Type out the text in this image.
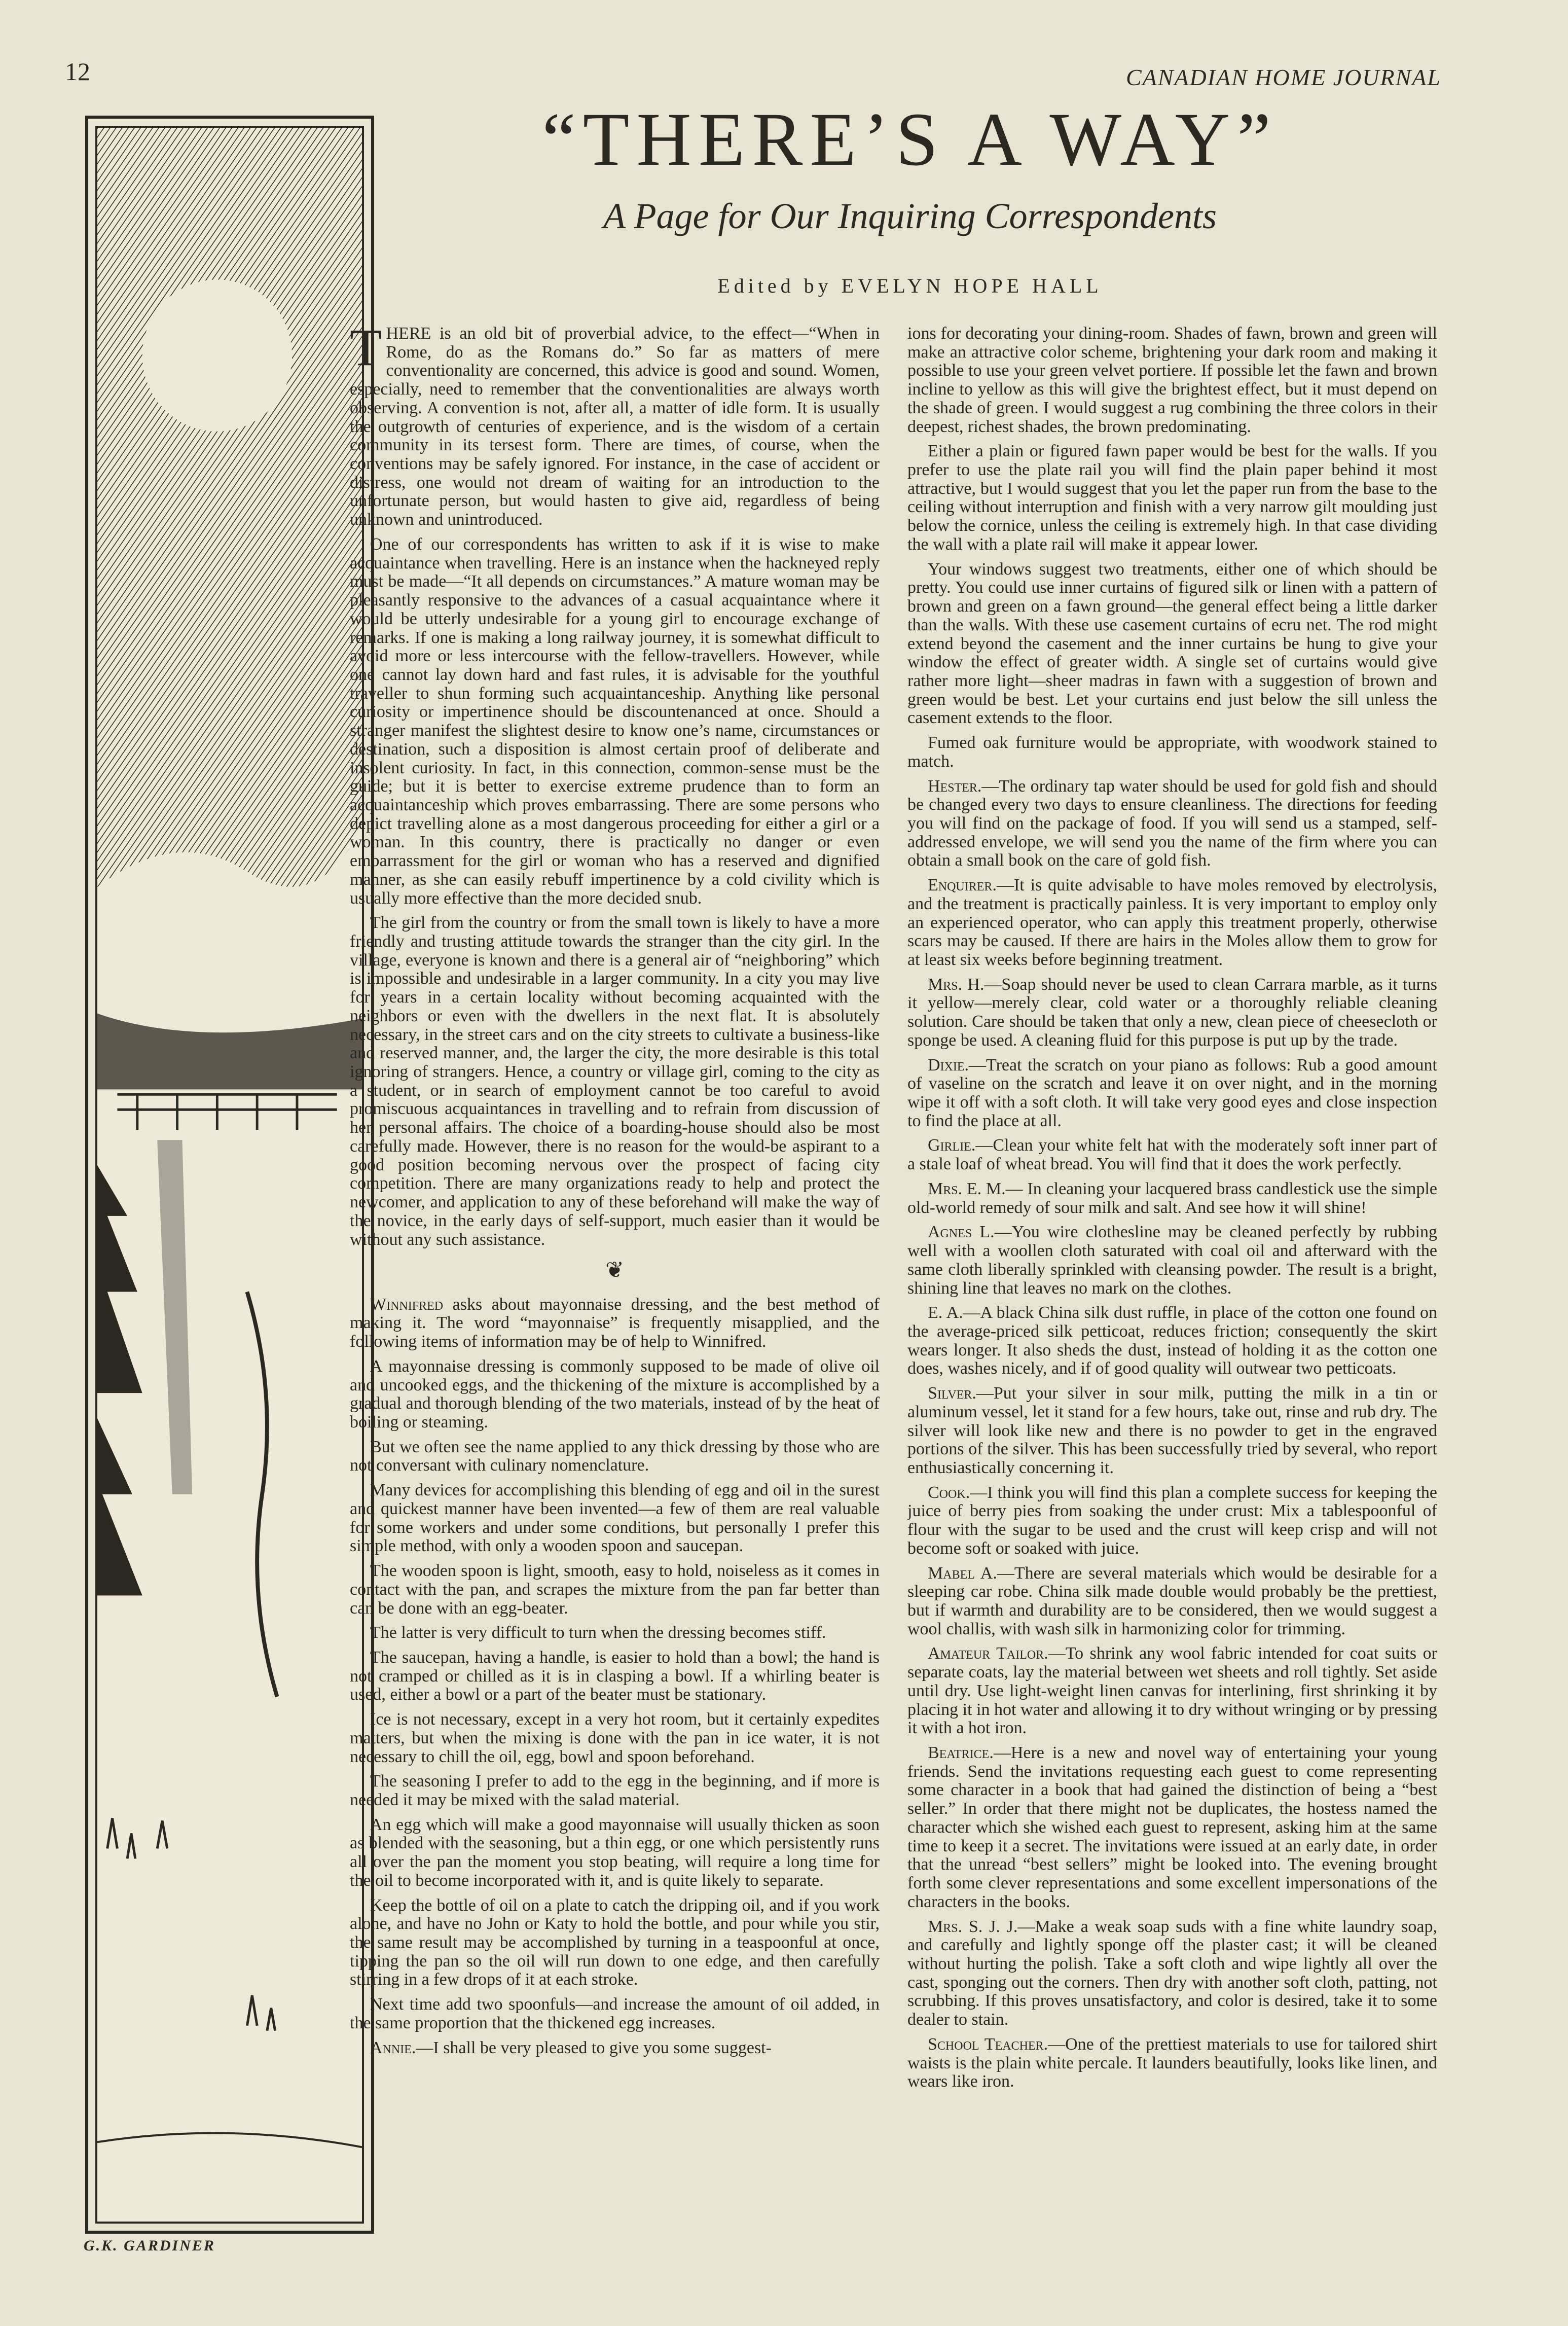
12	CANADIAN HOME JOURNAL
“THERE’S A WAY”
A Page for Our Inquiring Correspondents
Edited by EVELYN HOPE HALL
G.K. GARDINER

THERE is an old bit of proverbial advice, to the effect—“When in Rome, do as the Romans do.” So far as matters of mere conventionality are concerned, this advice is good and sound. Women, especially, need to remember that the conventionalities are always worth observing. A convention is not, after all, a matter of idle form. It is usually the outgrowth of centuries of experience, and is the wisdom of a certain community in its tersest form. There are times, of course, when the conventions may be safely ignored. For instance, in the case of accident or distress, one would not dream of waiting for an introduction to the unfortunate person, but would hasten to give aid, regardless of being unknown and unintroduced.

One of our correspondents has written to ask if it is wise to make acquaintance when travelling. Here is an instance when the hackneyed reply must be made—“It all depends on circumstances.” A mature woman may be pleasantly responsive to the advances of a casual acquaintance where it would be utterly undesirable for a young girl to encourage exchange of remarks. If one is making a long railway journey, it is somewhat difficult to avoid more or less intercourse with the fellow-travellers. However, while one cannot lay down hard and fast rules, it is advisable for the youthful traveller to shun forming such acquaintanceship. Anything like personal curiosity or impertinence should be discountenanced at once. Should a stranger manifest the slightest desire to know one’s name, circumstances or destination, such a disposition is almost certain proof of deliberate and insolent curiosity. In fact, in this connection, common-sense must be the guide; but it is better to exercise extreme prudence than to form an acquaintanceship which proves embarrassing. There are some persons who depict travelling alone as a most dangerous proceeding for either a girl or a woman. In this country, there is practically no danger or even embarrassment for the girl or woman who has a reserved and dignified manner, as she can easily rebuff impertinence by a cold civility which is usually more effective than the more decided snub.

The girl from the country or from the small town is likely to have a more friendly and trusting attitude towards the stranger than the city girl. In the village, everyone is known and there is a general air of “neighboring” which is impossible and undesirable in a larger community. In a city you may live for years in a certain locality without becoming acquainted with the neighbors or even with the dwellers in the next flat. It is absolutely necessary, in the street cars and on the city streets to cultivate a business-like and reserved manner, and, the larger the city, the more desirable is this total ignoring of strangers. Hence, a country or village girl, coming to the city as a student, or in search of employment cannot be too careful to avoid promiscuous acquaintances in travelling and to refrain from discussion of her personal affairs. The choice of a boarding-house should also be most carefully made. However, there is no reason for the would-be aspirant to a good position becoming nervous over the prospect of facing city competition. There are many organizations ready to help and protect the newcomer, and application to any of these beforehand will make the way of the novice, in the early days of self-support, much easier than it would be without any such assistance.

❦

Winnifred asks about mayonnaise dressing, and the best method of making it. The word “mayonnaise” is frequently misapplied, and the following items of information may be of help to Winnifred.

A mayonnaise dressing is commonly supposed to be made of olive oil and uncooked eggs, and the thickening of the mixture is accomplished by a gradual and thorough blending of the two materials, instead of by the heat of boiling or steaming.

But we often see the name applied to any thick dressing by those who are not conversant with culinary nomenclature.

Many devices for accomplishing this blending of egg and oil in the surest and quickest manner have been invented—a few of them are real valuable for some workers and under some conditions, but personally I prefer this simple method, with only a wooden spoon and saucepan.

The wooden spoon is light, smooth, easy to hold, noiseless as it comes in contact with the pan, and scrapes the mixture from the pan far better than can be done with an egg-beater.

The latter is very difficult to turn when the dressing becomes stiff.

The saucepan, having a handle, is easier to hold than a bowl; the hand is not cramped or chilled as it is in clasping a bowl. If a whirling beater is used, either a bowl or a part of the beater must be stationary.

Ice is not necessary, except in a very hot room, but it certainly expedites matters, but when the mixing is done with the pan in ice water, it is not necessary to chill the oil, egg, bowl and spoon beforehand.

The seasoning I prefer to add to the egg in the beginning, and if more is needed it may be mixed with the salad material.

An egg which will make a good mayonnaise will usually thicken as soon as blended with the seasoning, but a thin egg, or one which persistently runs all over the pan the moment you stop beating, will require a long time for the oil to become incorporated with it, and is quite likely to separate.

Keep the bottle of oil on a plate to catch the dripping oil, and if you work alone, and have no John or Katy to hold the bottle, and pour while you stir, the same result may be accomplished by turning in a teaspoonful at once, tipping the pan so the oil will run down to one edge, and then carefully stirring in a few drops of it at each stroke.

Next time add two spoonfuls—and increase the amount of oil added, in the same proportion that the thickened egg increases.

Annie.—I shall be very pleased to give you some suggest-

ions for decorating your dining-room. Shades of fawn, brown and green will make an attractive color scheme, brightening your dark room and making it possible to use your green velvet portiere. If possible let the fawn and brown incline to yellow as this will give the brightest effect, but it must depend on the shade of green. I would suggest a rug combining the three colors in their deepest, richest shades, the brown predominating.

Either a plain or figured fawn paper would be best for the walls. If you prefer to use the plate rail you will find the plain paper behind it most attractive, but I would suggest that you let the paper run from the base to the ceiling without interruption and finish with a very narrow gilt moulding just below the cornice, unless the ceiling is extremely high. In that case dividing the wall with a plate rail will make it appear lower.

Your windows suggest two treatments, either one of which should be pretty. You could use inner curtains of figured silk or linen with a pattern of brown and green on a fawn ground—the general effect being a little darker than the walls. With these use casement curtains of ecru net. The rod might extend beyond the casement and the inner curtains be hung to give your window the effect of greater width. A single set of curtains would give rather more light—sheer madras in fawn with a suggestion of brown and green would be best. Let your curtains end just below the sill unless the casement extends to the floor.

Fumed oak furniture would be appropriate, with woodwork stained to match.

Hester.—The ordinary tap water should be used for gold fish and should be changed every two days to ensure cleanliness. The directions for feeding you will find on the package of food. If you will send us a stamped, self-addressed envelope, we will send you the name of the firm where you can obtain a small book on the care of gold fish.

Enquirer.—It is quite advisable to have moles removed by electrolysis, and the treatment is practically painless. It is very important to employ only an experienced operator, who can apply this treatment properly, otherwise scars may be caused. If there are hairs in the Moles allow them to grow for at least six weeks before beginning treatment.

Mrs. H.—Soap should never be used to clean Carrara marble, as it turns it yellow—merely clear, cold water or a thoroughly reliable cleaning solution. Care should be taken that only a new, clean piece of cheesecloth or sponge be used. A cleaning fluid for this purpose is put up by the trade.

Dixie.—Treat the scratch on your piano as follows: Rub a good amount of vaseline on the scratch and leave it on over night, and in the morning wipe it off with a soft cloth. It will take very good eyes and close inspection to find the place at all.

Girlie.—Clean your white felt hat with the moderately soft inner part of a stale loaf of wheat bread. You will find that it does the work perfectly.

Mrs. E. M.— In cleaning your lacquered brass candlestick use the simple old-world remedy of sour milk and salt. And see how it will shine!

Agnes L.—You wire clothesline may be cleaned perfectly by rubbing well with a woollen cloth saturated with coal oil and afterward with the same cloth liberally sprinkled with cleansing powder. The result is a bright, shining line that leaves no mark on the clothes.

E. A.—A black China silk dust ruffle, in place of the cotton one found on the average-priced silk petticoat, reduces friction; consequently the skirt wears longer. It also sheds the dust, instead of holding it as the cotton one does, washes nicely, and if of good quality will outwear two petticoats.

Silver.—Put your silver in sour milk, putting the milk in a tin or aluminum vessel, let it stand for a few hours, take out, rinse and rub dry. The silver will look like new and there is no powder to get in the engraved portions of the silver. This has been successfully tried by several, who report enthusiastically concerning it.

Cook.—I think you will find this plan a complete success for keeping the juice of berry pies from soaking the under crust: Mix a tablespoonful of flour with the sugar to be used and the crust will keep crisp and will not become soft or soaked with juice.

Mabel A.—There are several materials which would be desirable for a sleeping car robe. China silk made double would probably be the prettiest, but if warmth and durability are to be considered, then we would suggest a wool challis, with wash silk in harmonizing color for trimming.

Amateur Tailor.—To shrink any wool fabric intended for coat suits or separate coats, lay the material between wet sheets and roll tightly. Set aside until dry. Use light-weight linen canvas for interlining, first shrinking it by placing it in hot water and allowing it to dry without wringing or by pressing it with a hot iron.

Beatrice.—Here is a new and novel way of entertaining your young friends. Send the invitations requesting each guest to come representing some character in a book that had gained the distinction of being a “best seller.” In order that there might not be duplicates, the hostess named the character which she wished each guest to represent, asking him at the same time to keep it a secret. The invitations were issued at an early date, in order that the unread “best sellers” might be looked into. The evening brought forth some clever representations and some excellent impersonations of the characters in the books.

Mrs. S. J. J.—Make a weak soap suds with a fine white laundry soap, and carefully and lightly sponge off the plaster cast; it will be cleaned without hurting the polish. Take a soft cloth and wipe lightly all over the cast, sponging out the corners. Then dry with another soft cloth, patting, not scrubbing. If this proves unsatisfactory, and color is desired, take it to some dealer to stain.

School Teacher.—One of the prettiest materials to use for tailored shirt waists is the plain white percale. It launders beautifully, looks like linen, and wears like iron.
